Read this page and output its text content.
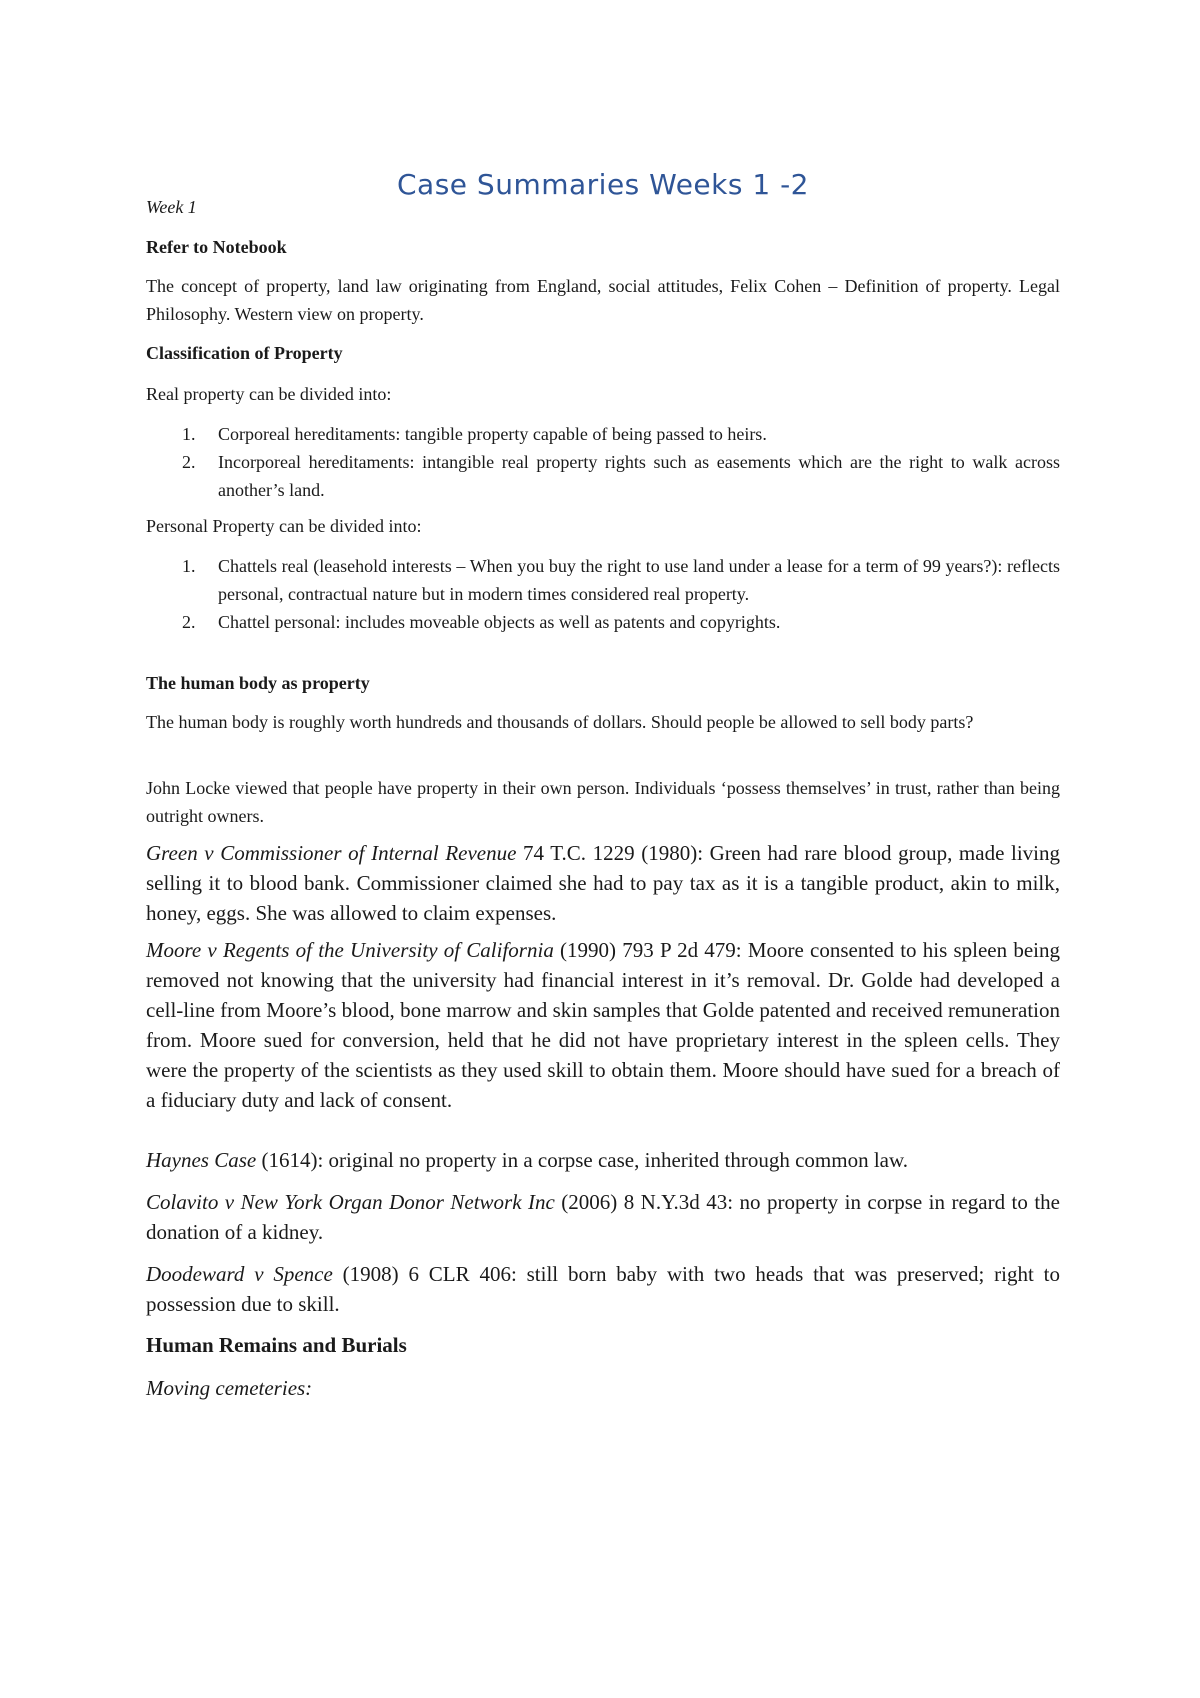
Case Summaries Weeks 1 -2

Week 1

Refer to Notebook

The concept of property, land law originating from England, social attitudes, Felix Cohen – Definition of property. Legal Philosophy. Western view on property.

Classification of Property

Real property can be divided into:

1. Corporeal hereditaments: tangible property capable of being passed to heirs.
2. Incorporeal hereditaments: intangible real property rights such as easements which are the right to walk across another’s land.

Personal Property can be divided into:

1. Chattels real (leasehold interests – When you buy the right to use land under a lease for a term of 99 years?): reflects personal, contractual nature but in modern times considered real property.
2. Chattel personal: includes moveable objects as well as patents and copyrights.

The human body as property

The human body is roughly worth hundreds and thousands of dollars. Should people be allowed to sell body parts?

John Locke viewed that people have property in their own person. Individuals ‘possess themselves’ in trust, rather than being outright owners.

Green v Commissioner of Internal Revenue 74 T.C. 1229 (1980): Green had rare blood group, made living selling it to blood bank. Commissioner claimed she had to pay tax as it is a tangible product, akin to milk, honey, eggs. She was allowed to claim expenses.

Moore v Regents of the University of California (1990) 793 P 2d 479: Moore consented to his spleen being removed not knowing that the university had financial interest in it’s removal. Dr. Golde had developed a cell-line from Moore’s blood, bone marrow and skin samples that Golde patented and received remuneration from. Moore sued for conversion, held that he did not have proprietary interest in the spleen cells. They were the property of the scientists as they used skill to obtain them. Moore should have sued for a breach of a fiduciary duty and lack of consent.

Haynes Case (1614): original no property in a corpse case, inherited through common law.

Colavito v New York Organ Donor Network Inc (2006) 8 N.Y.3d 43: no property in corpse in regard to the donation of a kidney.

Doodeward v Spence (1908) 6 CLR 406: still born baby with two heads that was preserved; right to possession due to skill.

Human Remains and Burials

Moving cemeteries:
